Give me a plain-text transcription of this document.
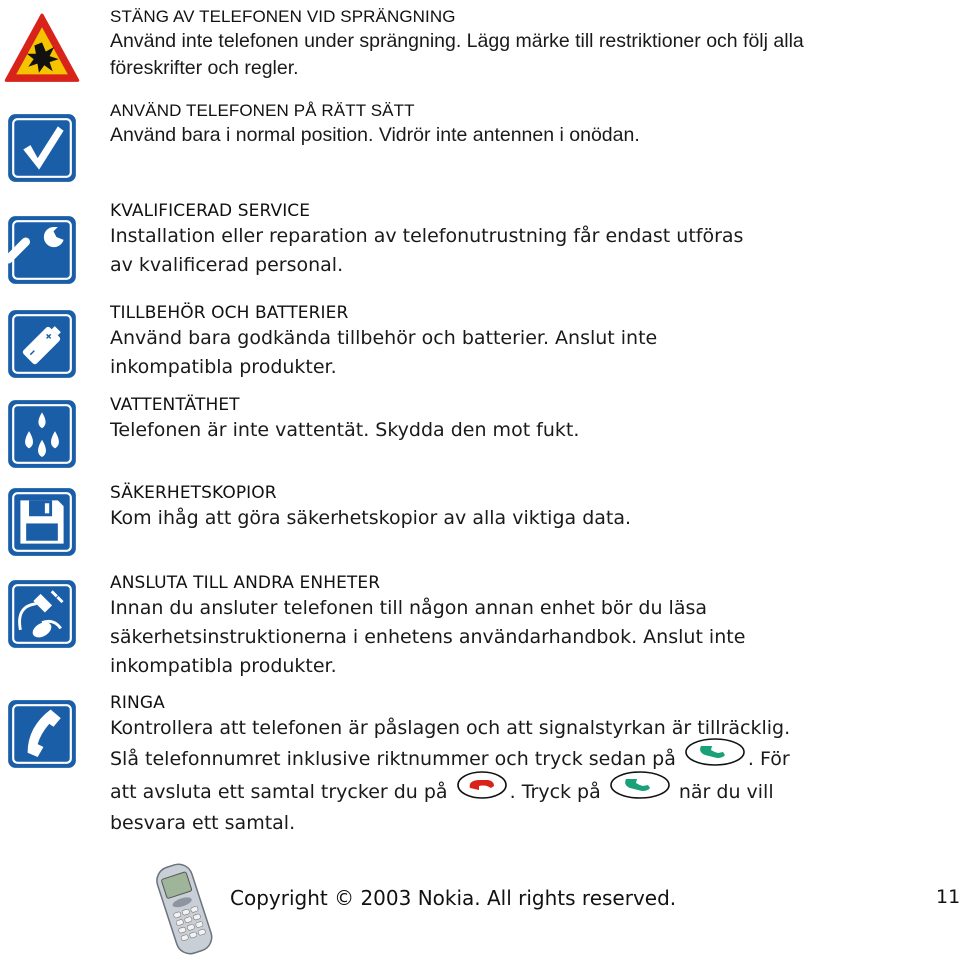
STÄNG AV TELEFONEN VID SPRÄNGNING
Använd inte telefonen under sprängning. Lägg märke till restriktioner och följ alla föreskrifter och regler.
ANVÄND TELEFONEN PÅ RÄTT SÄTT
Använd bara i normal position. Vidrör inte antennen i onödan.
KVALIFICERAD SERVICE
Installation eller reparation av telefonutrustning får endast utföras av kvalificerad personal.
TILLBEHÖR OCH BATTERIER
Använd bara godkända tillbehör och batterier. Anslut inte inkompatibla produkter.
VATTENTÄTHET
Telefonen är inte vattentät. Skydda den mot fukt.
SÄKERHETSKOPIOR
Kom ihåg att göra säkerhetskopior av alla viktiga data.
ANSLUTA TILL ANDRA ENHETER
Innan du ansluter telefonen till någon annan enhet bör du läsa säkerhetsinstruktionerna i enhetens användarhandbok. Anslut inte inkompatibla produkter.
RINGA
Kontrollera att telefonen är påslagen och att signalstyrkan är tillräcklig. Slå telefonnumret inklusive riktnummer och tryck sedan på	. För att avsluta ett samtal trycker du på	. Tryck på	när du vill besvara ett samtal.
Copyright © 2003 Nokia. All rights reserved.	11
